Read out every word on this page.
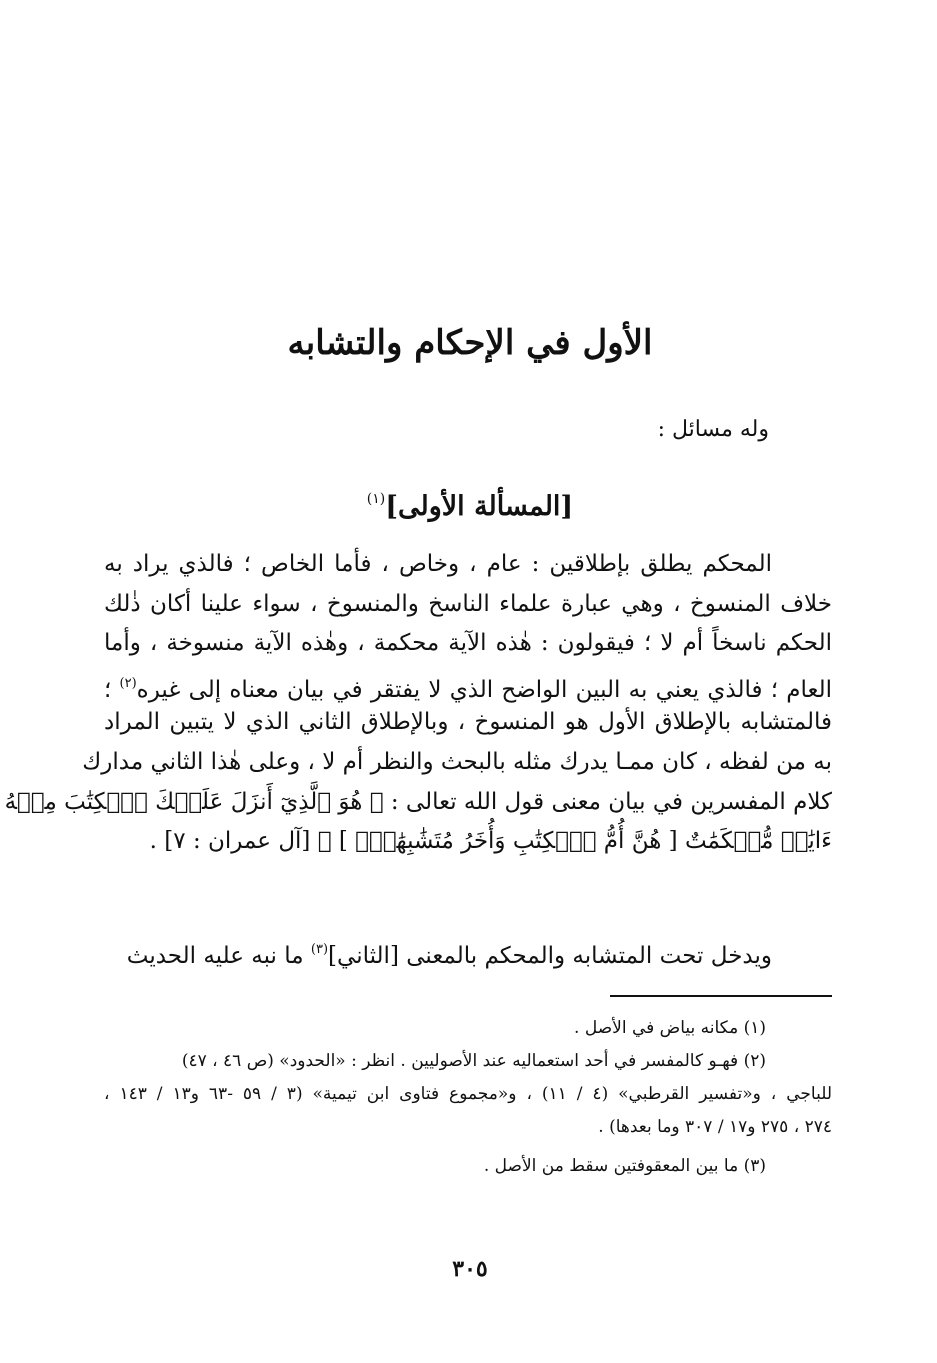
الأول في الإحكام والتشابه
وله مسائل :
[المسألة الأولى]$^{(١)}$
المحكم يطلق بإطلاقين : عام ، وخاص ، فأما الخاص ؛ فالذي يراد به
خلاف المنسوخ ، وهي عبارة علماء الناسخ والمنسوخ ، سواء علينا أكان ذٰلك
الحكم ناسخاً أم لا ؛ فيقولون : هٰذه الآية محكمة ، وهٰذه الآية منسوخة ، وأما
العام ؛ فالذي يعني به البين الواضح الذي لا يفتقر في بيان معناه إلى غيره$^{(٢)}$ ؛
فالمتشابه بالإطلاق الأول هو المنسوخ ، وبالإطلاق الثاني الذي لا يتبين المراد
به من لفظه ، كان ممـا يدرك مثله بالبحث والنظر أم لا ، وعلى هٰذا الثاني مدارك
كلام المفسرين في بيان معنى قول الله تعالى : ﴿ هُوَ ٱلَّذِيٓ أَنزَلَ عَلَيۡكَ ٱلۡكِتَٰبَ مِنۡهُ
ءَايَٰتٞ مُّحۡكَمَٰتٌ [ هُنَّ أُمُّ ٱلۡكِتَٰبِ وَأُخَرُ مُتَشَٰبِهَٰتٞۖ ] ﴾ [آل عمران : ٧] .
ويدخل تحت المتشابه والمحكم بالمعنى [الثاني]$^{(٣)}$ ما نبه عليه الحديث
(١) مكانه بياض في الأصل .
(٢) فهـو كالمفسر في أحد استعماليه عند الأصوليين . انظر : «الحدود» (ص ٤٦ ، ٤٧)
للباجي ، و«تفسير القرطبي» (٤ / ١١) ، و«مجموع فتاوى ابن تيمية» (٣ / ٥٩ -٦٣ و١٣ / ١٤٣ ،
٢٧٤ ، ٢٧٥ و١٧ / ٣٠٧ وما بعدها) .
(٣) ما بين المعقوفتين سقط من الأصل .
٣٠٥
